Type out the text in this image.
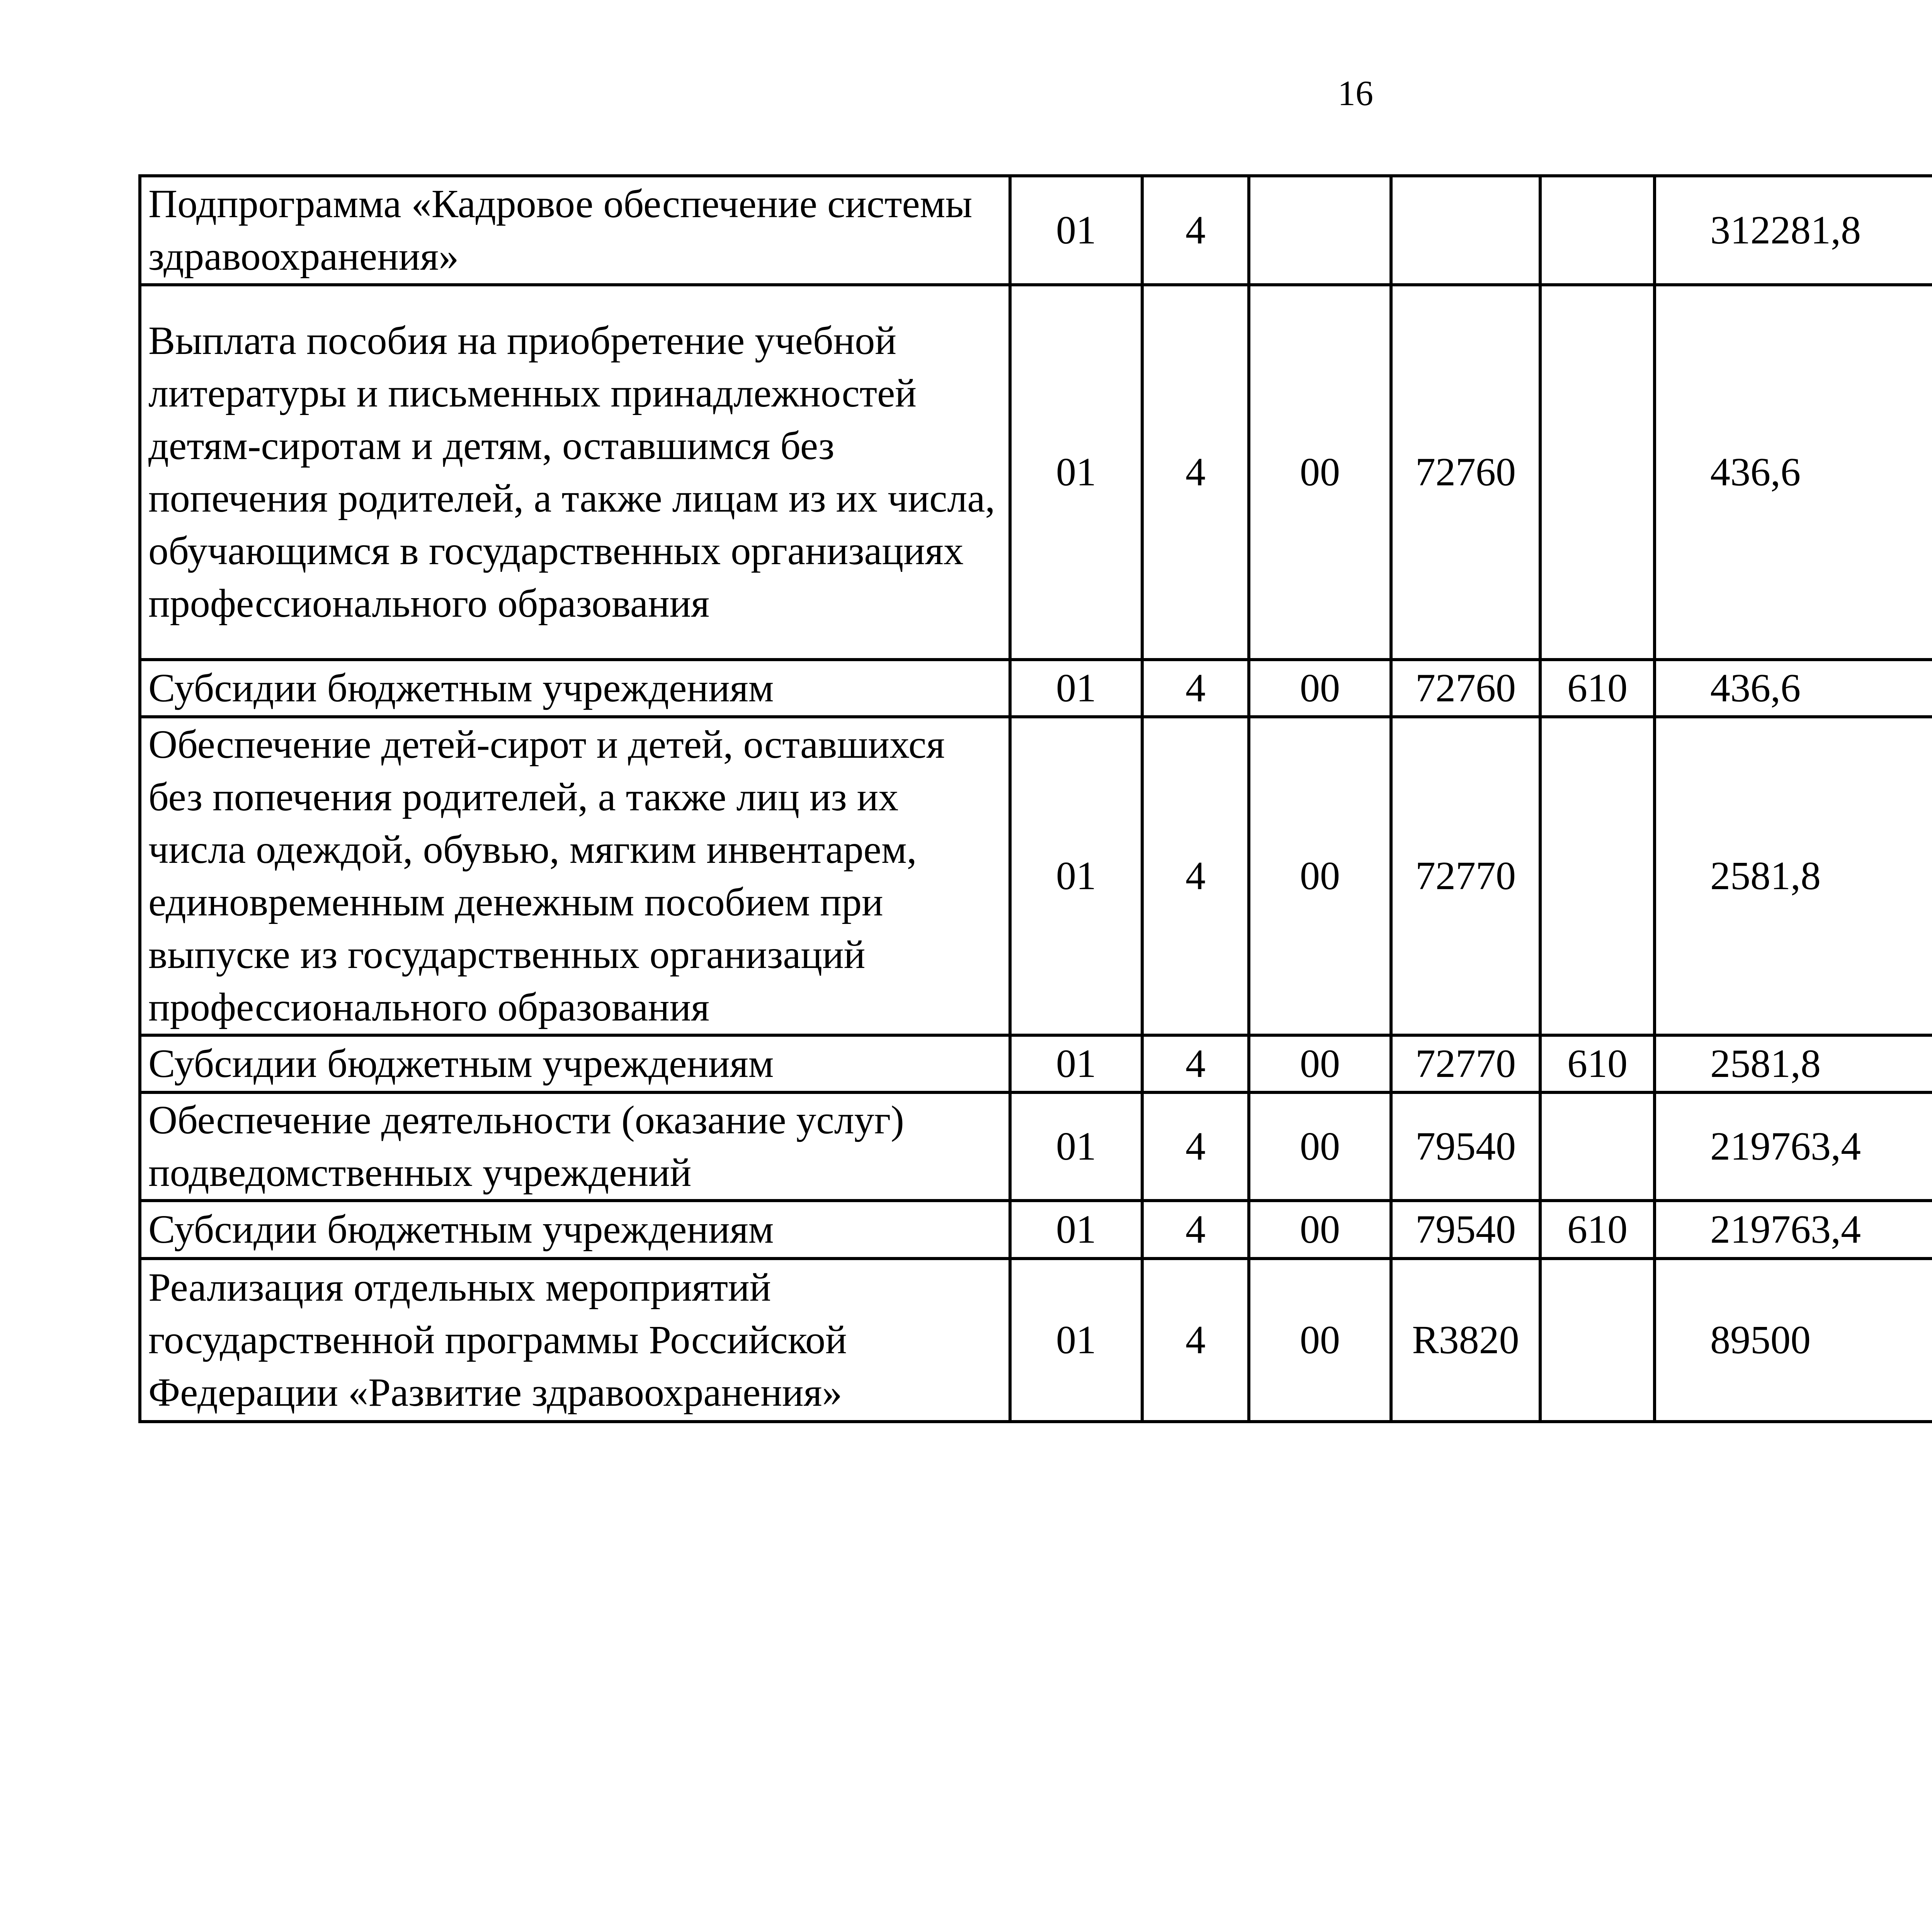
16
Подпрограмма «Кадровое обеспечение системы здравоохранения»	01	4				312281,8		
Выплата пособия на приобретение учебной литературы и письменных принадлежностей детям-сиротам и детям, оставшимся без попечения родителей, а также лицам из их числа, обучающимся в государственных организациях профессионального образования	01	4	00	72760		436,6		
Субсидии бюджетным учреждениям	01	4	00	72760	610	436,6		
Обеспечение детей-сирот и детей, оставшихся без попечения родителей, а также лиц из их числа одеждой, обувью, мягким инвентарем, единовременным денежным пособием при выпуске из государственных организаций профессионального образования	01	4	00	72770		2581,8		
Субсидии бюджетным учреждениям	01	4	00	72770	610	2581,8		
Обеспечение деятельности (оказание услуг) подведомственных учреждений	01	4	00	79540		219763,4		
Субсидии бюджетным учреждениям	01	4	00	79540	610	219763,4		
Реализация отдельных мероприятий государственной программы Российской Федерации «Развитие здравоохранения»	01	4	00	R3820		89500		
